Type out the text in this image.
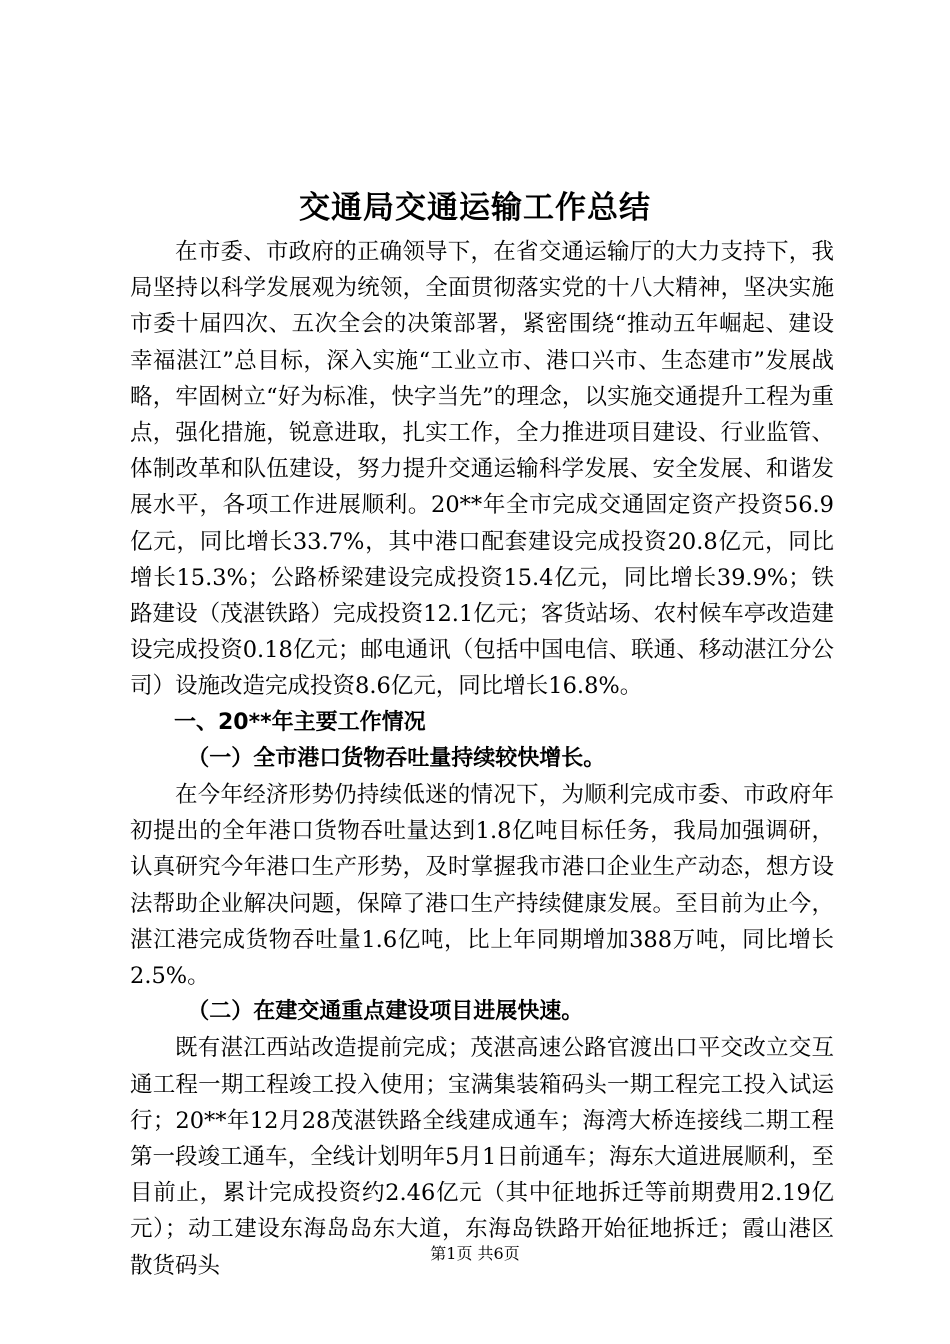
交通局交通运输工作总结

在市委、市政府的正确领导下，在省交通运输厅的大力支持下，我局坚持以科学发展观为统领，全面贯彻落实党的十八大精神，坚决实施市委十届四次、五次全会的决策部署，紧密围绕“推动五年崛起、建设幸福湛江”总目标，深入实施“工业立市、港口兴市、生态建市”发展战略，牢固树立“好为标准，快字当先”的理念，以实施交通提升工程为重点，强化措施，锐意进取，扎实工作，全力推进项目建设、行业监管、体制改革和队伍建设，努力提升交通运输科学发展、安全发展、和谐发展水平，各项工作进展顺利。20**年全市完成交通固定资产投资56.9亿元，同比增长33.7%，其中港口配套建设完成投资20.8亿元，同比增长15.3%；公路桥梁建设完成投资15.4亿元，同比增长39.9%；铁路建设（茂湛铁路）完成投资12.1亿元；客货站场、农村候车亭改造建设完成投资0.18亿元；邮电通讯（包括中国电信、联通、移动湛江分公司）设施改造完成投资8.6亿元，同比增长16.8%。

一、20**年主要工作情况

（一）全市港口货物吞吐量持续较快增长。

在今年经济形势仍持续低迷的情况下，为顺利完成市委、市政府年初提出的全年港口货物吞吐量达到1.8亿吨目标任务，我局加强调研，认真研究今年港口生产形势，及时掌握我市港口企业生产动态，想方设法帮助企业解决问题，保障了港口生产持续健康发展。至目前为止今，湛江港完成货物吞吐量1.6亿吨，比上年同期增加388万吨，同比增长2.5%。

（二）在建交通重点建设项目进展快速。

既有湛江西站改造提前完成；茂湛高速公路官渡出口平交改立交互通工程一期工程竣工投入使用；宝满集装箱码头一期工程完工投入试运行；20**年12月28茂湛铁路全线建成通车；海湾大桥连接线二期工程第一段竣工通车，全线计划明年5月1日前通车；海东大道进展顺利，至目前止，累计完成投资约2.46亿元（其中征地拆迁等前期费用2.19亿元）；动工建设东海岛岛东大道，东海岛铁路开始征地拆迁；霞山港区散货码头	第1页 共6页
